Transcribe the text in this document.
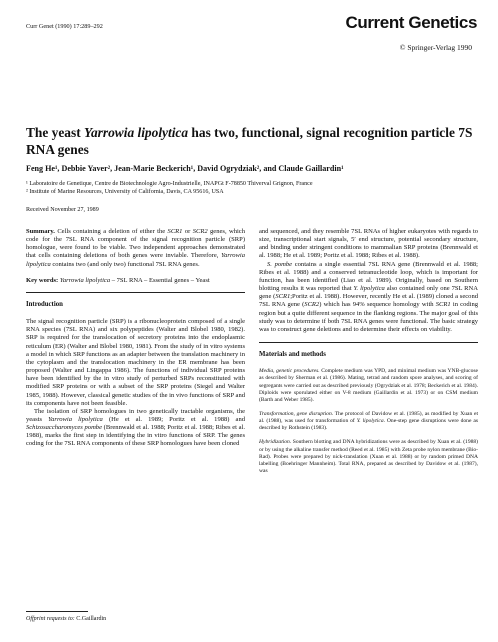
Curr Genet (1990) 17:289–292	Current Genetics
© Springer-Verlag 1990
The yeast Yarrowia lipolytica has two, functional, signal recognition particle 7S RNA genes
Feng He¹, Debbie Yaver², Jean-Marie Beckerich¹, David Ogrydziak², and Claude Gaillardin¹
¹ Laboratoire de Genetique, Centre de Biotechnologie Agro-Industrielle, INAPGt F-78850 Thiverval Grignon, France
² Institute of Marine Resources, University of California, Davis, CA 95616, USA
Received November 27, 1989

Summary. Cells containing a deletion of either the SCR1 or SCR2 genes, which code for the 7SL RNA component of the signal recognition particle (SRP) homologue, were found to be viable. Two independent approaches demonstrated that cells containing deletions of both genes were inviable. Therefore, Yarrowia lipolytica contains two (and only two) functional 7SL RNA genes.

Key words: Yarrowia lipolytica – 7SL RNA – Essential genes – Yeast

Introduction

The signal recognition particle (SRP) is a ribonucleoprotein composed of a single RNA species (7SL RNA) and six polypeptides (Walter and Blobel 1980, 1982). SRP is required for the translocation of secretory proteins into the endoplasmic reticulum (ER) (Walter and Blobel 1980, 1981). From the study of in vitro systems a model in which SRP functions as an adapter between the translation machinery in the cytoplasm and the translocation machinery in the ER membrane has been proposed (Walter and Lingappa 1986). The functions of individual SRP proteins have been identified by the in vitro study of perturbed SRPs reconstituted with modified SRP proteins or with a subset of the SRP proteins (Siegel and Walter 1985, 1988). However, classical genetic studies of the in vivo functions of SRP and its components have not been feasible.

The isolation of SRP homologues in two genetically tractable organisms, the yeasts Yarrowia lipolytica (He et al. 1989; Poritz et al. 1988) and Schizosaccharomyces pombe (Brennwald et al. 1988; Poritz et al. 1988; Ribes et al. 1988), marks the first step in identifying the in vitro functions of SRP. The genes coding for the 7SL RNA components of these SRP homologues have been cloned

and sequenced, and they resemble 7SL RNAs of higher eukaryotes with regards to size, transcriptional start signals, 5′ end structure, potential secondary structure, and binding under stringent conditions to mammalian SRP proteins (Brennwald et al. 1988; He et al. 1989; Poritz et al. 1988; Ribes et al. 1988).

S. pombe contains a single essential 7SL RNA gene (Brennwald et al. 1988; Ribes et al. 1988) and a conserved tetranucleotide loop, which is important for function, has been identified (Liao et al. 1989). Originally, based on Southern blotting results it was reported that Y. lipolytica also contained only one 7SL RNA gene (SCR1;Poritz et al. 1988). However, recently He et al. (1989) cloned a second 7SL RNA gene (SCR2) which has 94% sequence homology with SCR1 in coding region but a quite different sequence in the flanking regions. The major goal of this study was to determine if both 7SL RNA genes were functional. The basic strategy was to construct gene deletions and to determine their effects on viability.

Materials and methods

Media, genetic procedures. Complete medium was YPD, and minimal medium was YNB-glucose as described by Sherman et al. (1986). Mating, tetrad and random spore analyses, and scoring of segregants were carried out as described previously (Ogrydziak et al. 1978; Beckerich et al. 1984). Diploids were sporulated either on V-8 medium (Gaillardin et al. 1973) or on CSM medium (Barth and Weber 1985).

Transformation, gene disruption. The protocol of Davidow et al. (1985), as modified by Xuan et al. (1988), was used for transformation of Y. lipolytica. One-step gene disruptions were done as described by Rothstein (1983).

Hybridization. Southern blotting and DNA hybridizations were as described by Xuan et al. (1988) or by using the alkaline transfer method (Reed et al. 1985) with Zeta probe nylon membrane (Bio-Rad). Probes were prepared by nick-translation (Xuan et al. 1988) or by random primed DNA labelling (Boehringer Mannheim). Total RNA, prepared as described by Davidow et al. (1987), was

Offprint requests to: C.Gaillardin
